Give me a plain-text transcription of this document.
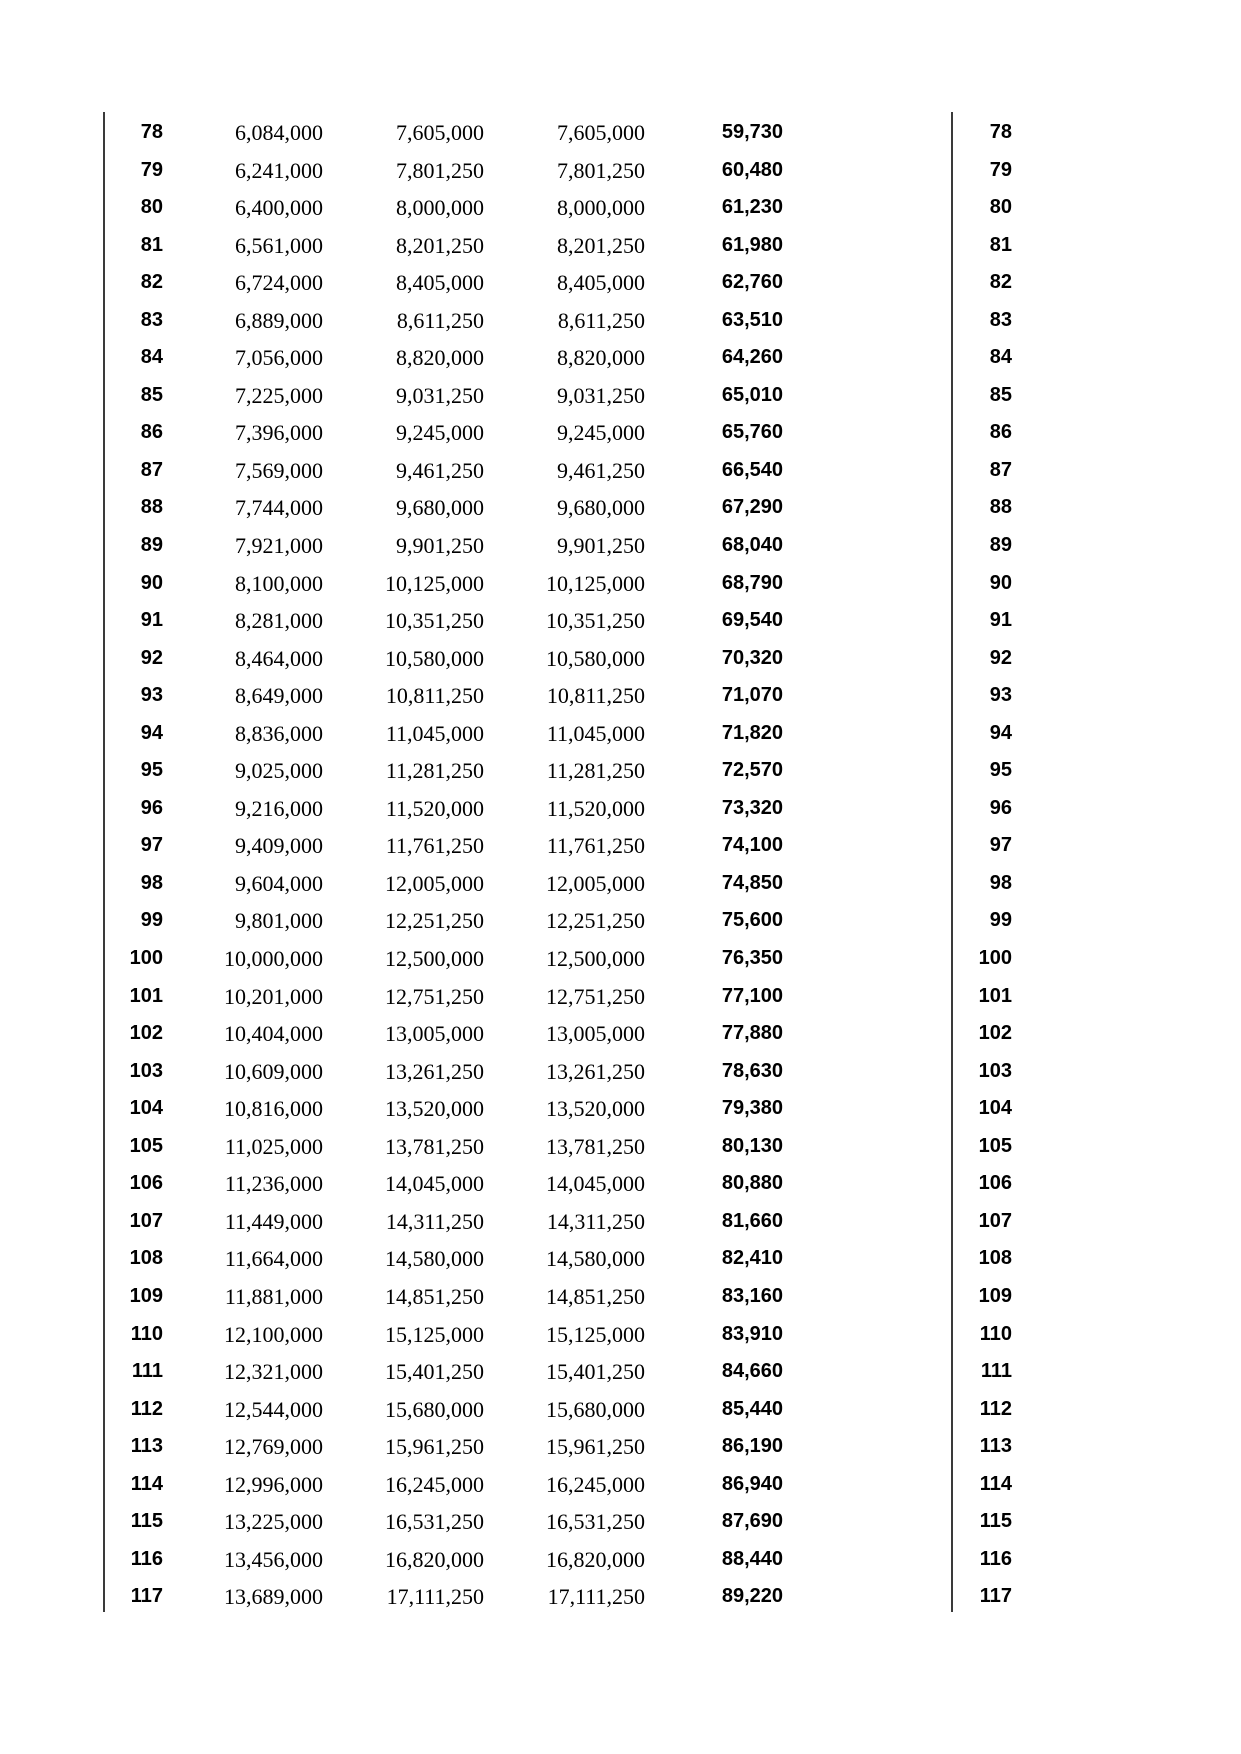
78	6,084,000	7,605,000	7,605,000	59,730	78
79	6,241,000	7,801,250	7,801,250	60,480	79
80	6,400,000	8,000,000	8,000,000	61,230	80
81	6,561,000	8,201,250	8,201,250	61,980	81
82	6,724,000	8,405,000	8,405,000	62,760	82
83	6,889,000	8,611,250	8,611,250	63,510	83
84	7,056,000	8,820,000	8,820,000	64,260	84
85	7,225,000	9,031,250	9,031,250	65,010	85
86	7,396,000	9,245,000	9,245,000	65,760	86
87	7,569,000	9,461,250	9,461,250	66,540	87
88	7,744,000	9,680,000	9,680,000	67,290	88
89	7,921,000	9,901,250	9,901,250	68,040	89
90	8,100,000	10,125,000	10,125,000	68,790	90
91	8,281,000	10,351,250	10,351,250	69,540	91
92	8,464,000	10,580,000	10,580,000	70,320	92
93	8,649,000	10,811,250	10,811,250	71,070	93
94	8,836,000	11,045,000	11,045,000	71,820	94
95	9,025,000	11,281,250	11,281,250	72,570	95
96	9,216,000	11,520,000	11,520,000	73,320	96
97	9,409,000	11,761,250	11,761,250	74,100	97
98	9,604,000	12,005,000	12,005,000	74,850	98
99	9,801,000	12,251,250	12,251,250	75,600	99
100	10,000,000	12,500,000	12,500,000	76,350	100
101	10,201,000	12,751,250	12,751,250	77,100	101
102	10,404,000	13,005,000	13,005,000	77,880	102
103	10,609,000	13,261,250	13,261,250	78,630	103
104	10,816,000	13,520,000	13,520,000	79,380	104
105	11,025,000	13,781,250	13,781,250	80,130	105
106	11,236,000	14,045,000	14,045,000	80,880	106
107	11,449,000	14,311,250	14,311,250	81,660	107
108	11,664,000	14,580,000	14,580,000	82,410	108
109	11,881,000	14,851,250	14,851,250	83,160	109
110	12,100,000	15,125,000	15,125,000	83,910	110
111	12,321,000	15,401,250	15,401,250	84,660	111
112	12,544,000	15,680,000	15,680,000	85,440	112
113	12,769,000	15,961,250	15,961,250	86,190	113
114	12,996,000	16,245,000	16,245,000	86,940	114
115	13,225,000	16,531,250	16,531,250	87,690	115
116	13,456,000	16,820,000	16,820,000	88,440	116
117	13,689,000	17,111,250	17,111,250	89,220	117
